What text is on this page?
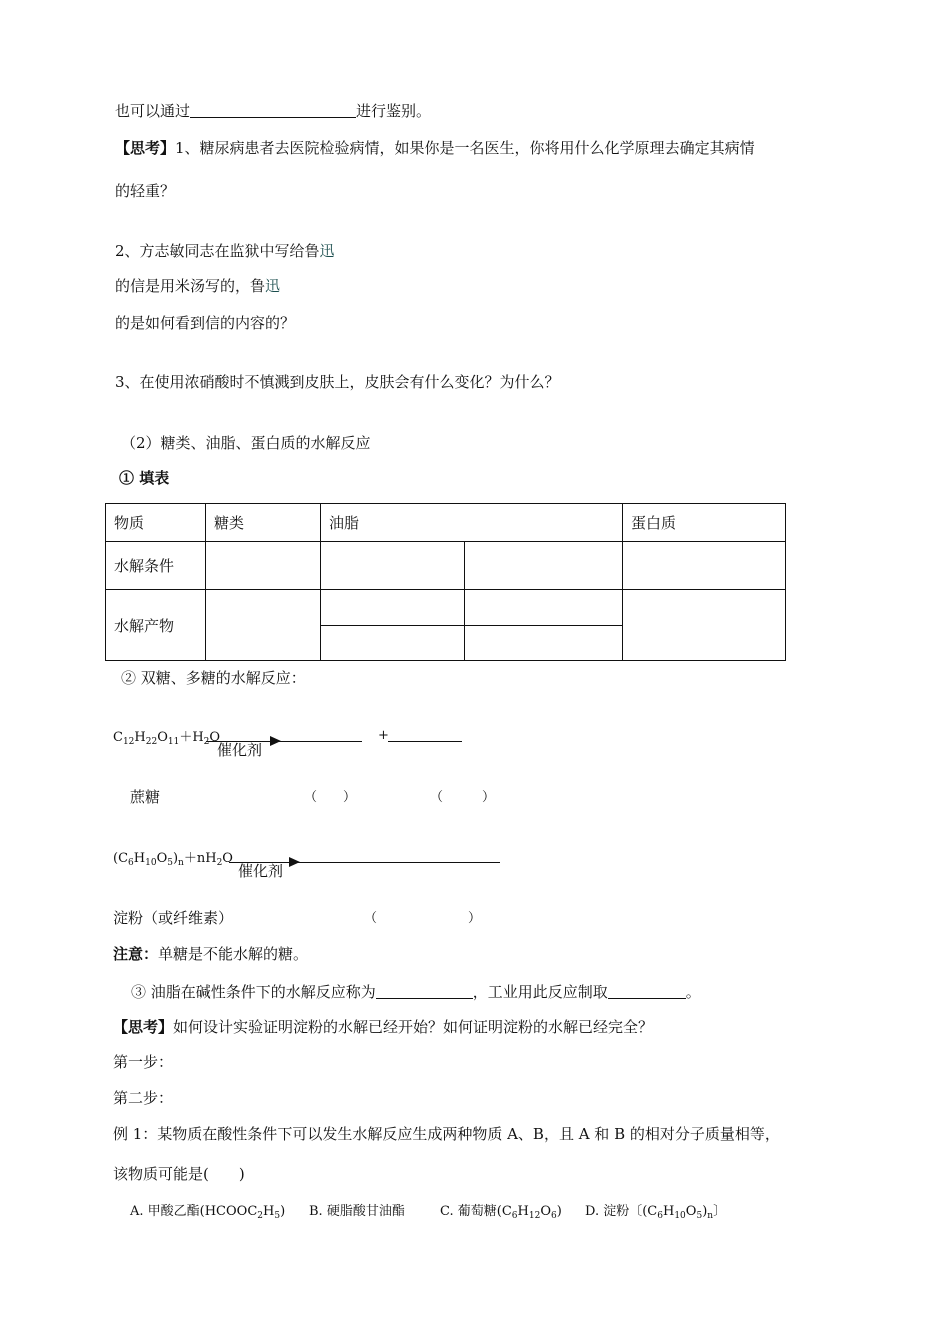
也可以通过	进行鉴别。
【思考】1、糖尿病患者去医院检验病情，如果你是一名医生，你将用什么化学原理去确定其病情
的轻重？
2、方志敏同志在监狱中写给鲁迅
的信是用米汤写的，鲁迅
的是如何看到信的内容的？
3、在使用浓硝酸时不慎溅到皮肤上，皮肤会有什么变化？为什么？
（2）糖类、油脂、蛋白质的水解反应
① 填表
物质	糖类	油脂		蛋白质
水解条件				
水解产物				

② 双糖、多糖的水解反应：
$C_{12}H_{22}O_{11}+H_2O$
催化剂
+
蔗糖	（　　）	（　　　）
$(C_6H_{10}O_5)_n+nH_2O$
催化剂
淀粉（或纤维素）	（　　　　　　　）
注意：单糖是不能水解的糖。
③ 油脂在碱性条件下的水解反应称为	，工业用此反应制取	。
【思考】如何设计实验证明淀粉的水解已经开始？如何证明淀粉的水解已经完全？
第一步：
第二步：
例 1：某物质在酸性条件下可以发生水解反应生成两种物质 A、B，且 A 和 B 的相对分子质量相等，
该物质可能是(　　)
A. 甲酸乙酯$(HCOOC_2H_5)$ B. 硬脂酸甘油酯	C. 葡萄糖$(C_6H_{12}O_6)$ D. 淀粉〔$(C_6H_{10}O_5)_n$〕
